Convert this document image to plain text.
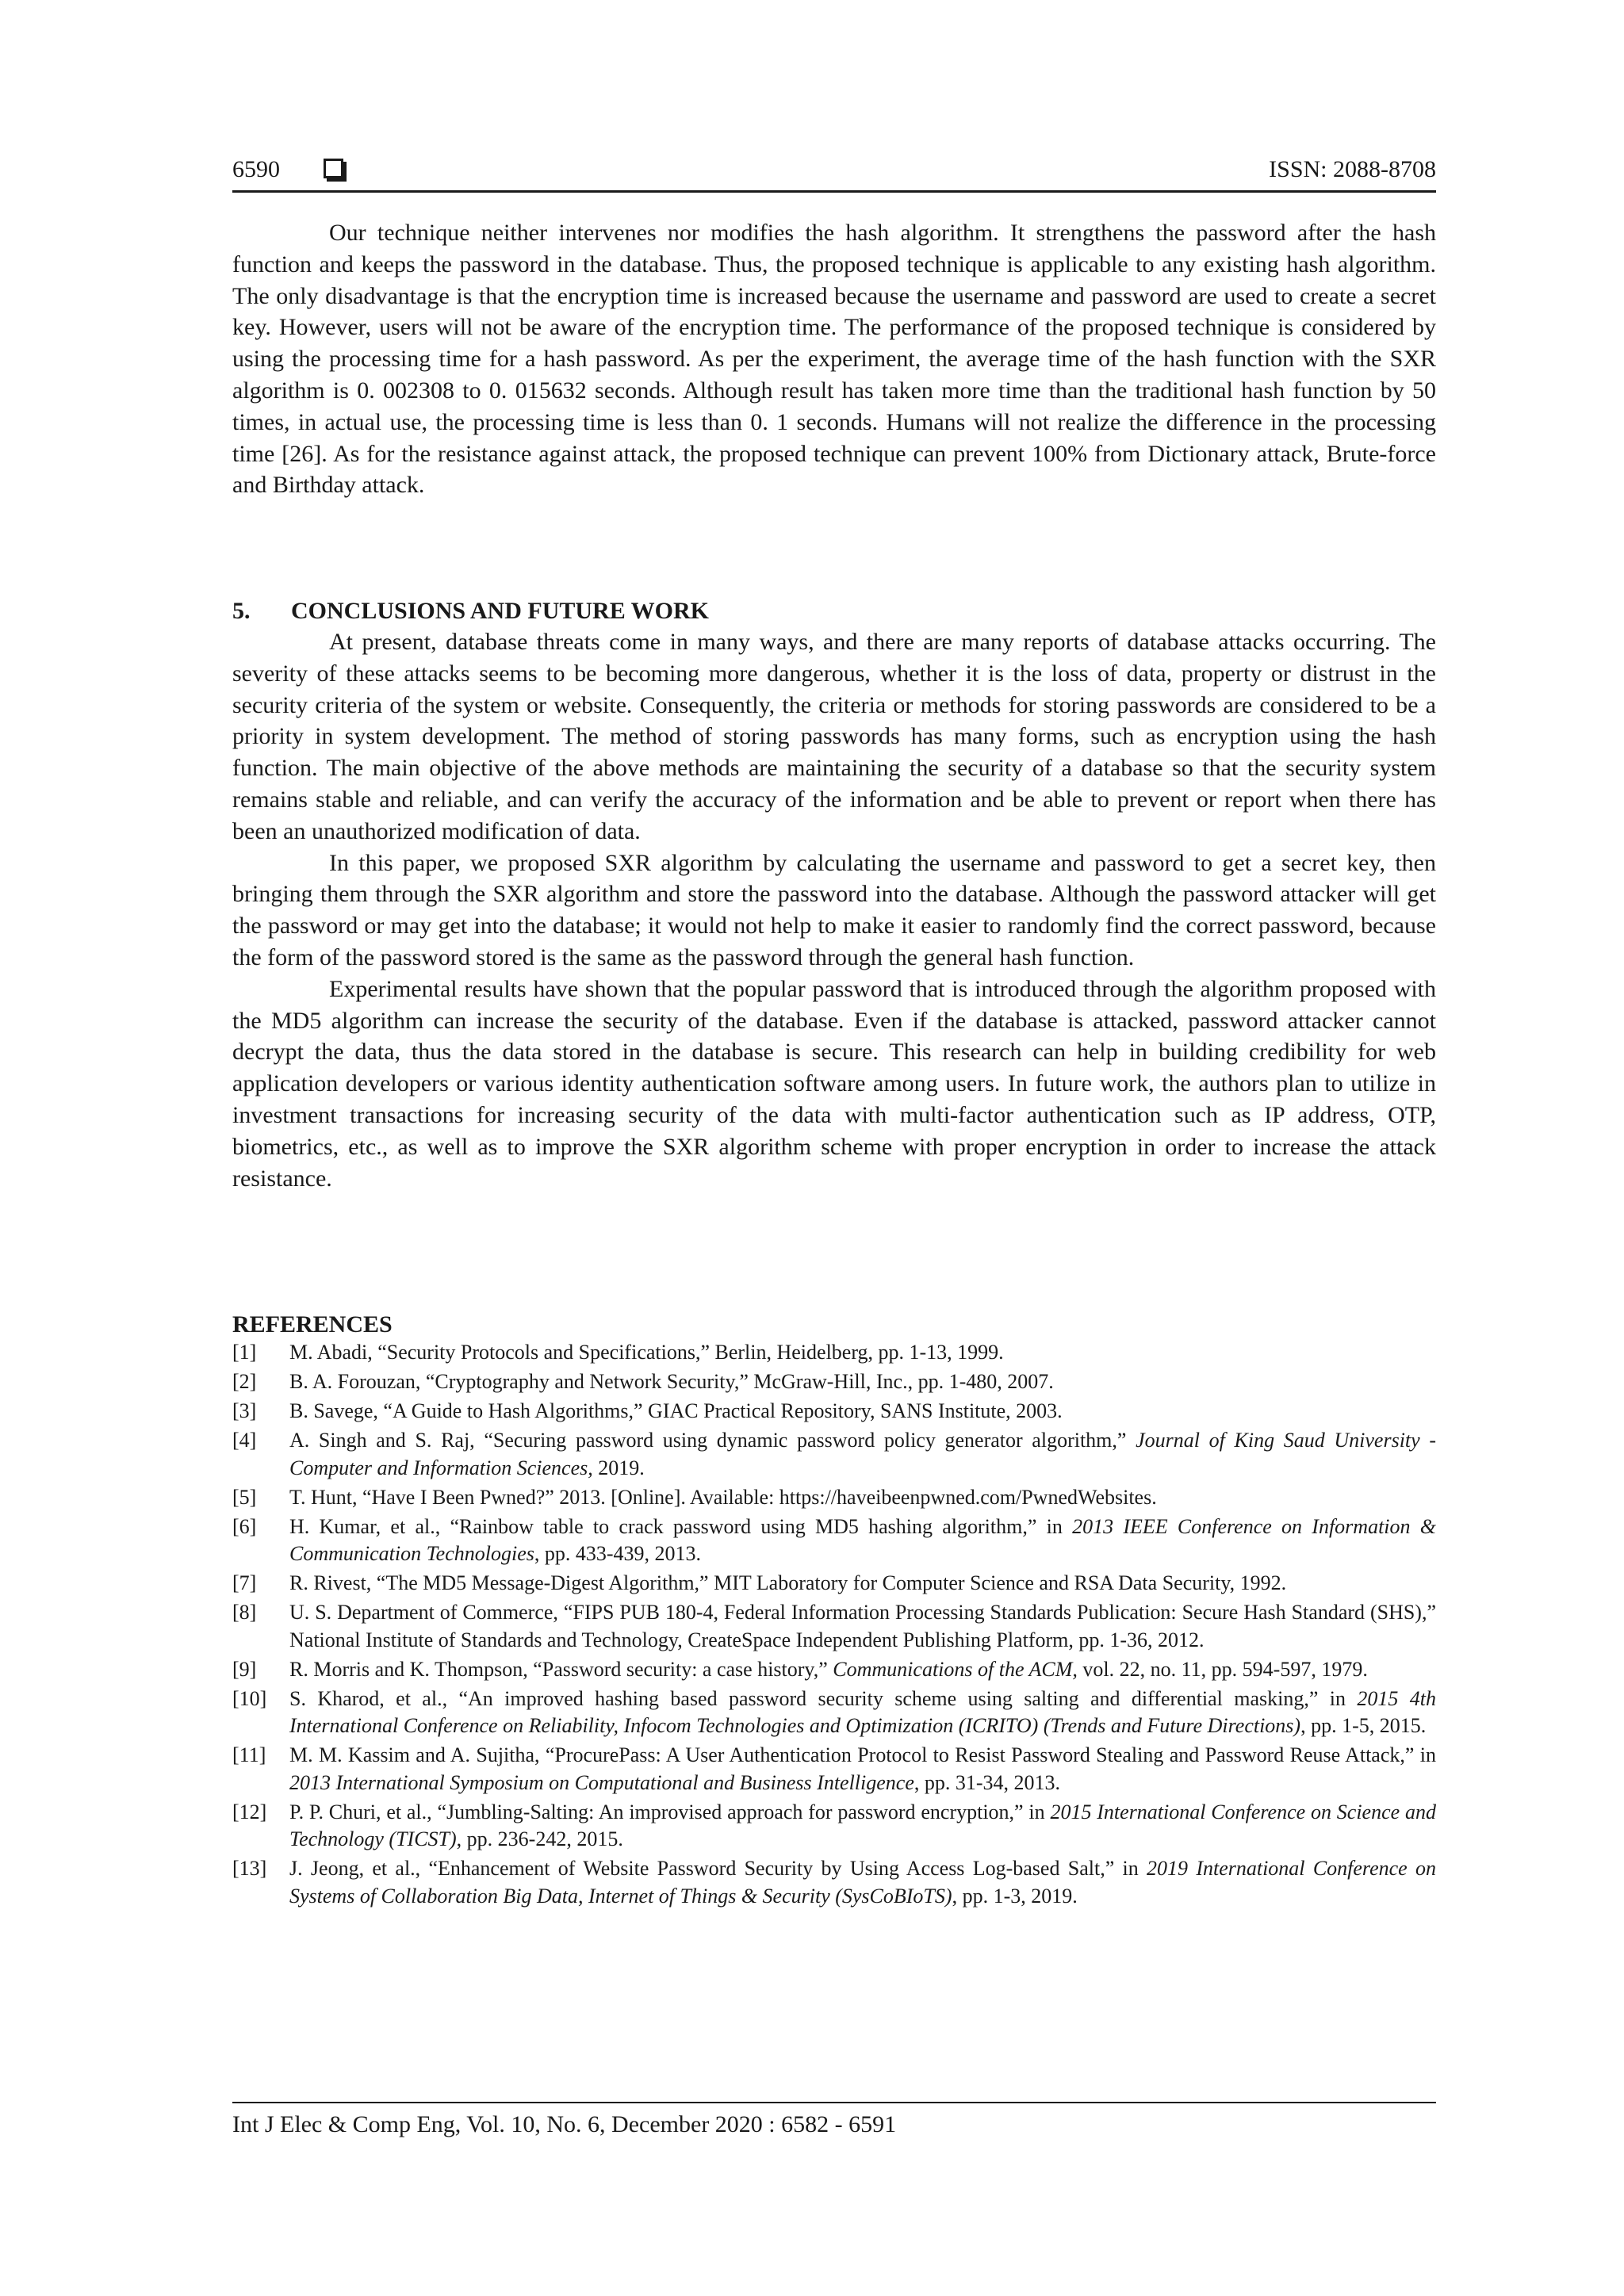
6590	ISSN: 2088-8708

Our technique neither intervenes nor modifies the hash algorithm. It strengthens the password after the hash function and keeps the password in the database. Thus, the proposed technique is applicable to any existing hash algorithm. The only disadvantage is that the encryption time is increased because the username and password are used to create a secret key. However, users will not be aware of the encryption time. The performance of the proposed technique is considered by using the processing time for a hash password. As per the experiment, the average time of the hash function with the SXR algorithm is 0. 002308 to 0. 015632 seconds. Although result has taken more time than the traditional hash function by 50 times, in actual use, the processing time is less than 0. 1 seconds. Humans will not realize the difference in the processing time [26]. As for the resistance against attack, the proposed technique can prevent 100% from Dictionary attack, Brute-force and Birthday attack.

5. CONCLUSIONS AND FUTURE WORK

At present, database threats come in many ways, and there are many reports of database attacks occurring. The severity of these attacks seems to be becoming more dangerous, whether it is the loss of data, property or distrust in the security criteria of the system or website. Consequently, the criteria or methods for storing passwords are considered to be a priority in system development. The method of storing passwords has many forms, such as encryption using the hash function. The main objective of the above methods are maintaining the security of a database so that the security system remains stable and reliable, and can verify the accuracy of the information and be able to prevent or report when there has been an unauthorized modification of data.

In this paper, we proposed SXR algorithm by calculating the username and password to get a secret key, then bringing them through the SXR algorithm and store the password into the database. Although the password attacker will get the password or may get into the database; it would not help to make it easier to randomly find the correct password, because the form of the password stored is the same as the password through the general hash function.

Experimental results have shown that the popular password that is introduced through the algorithm proposed with the MD5 algorithm can increase the security of the database. Even if the database is attacked, password attacker cannot decrypt the data, thus the data stored in the database is secure. This research can help in building credibility for web application developers or various identity authentication software among users. In future work, the authors plan to utilize in investment transactions for increasing security of the data with multi-factor authentication such as IP address, OTP, biometrics, etc., as well as to improve the SXR algorithm scheme with proper encryption in order to increase the attack resistance.

REFERENCES
[1]	M. Abadi, “Security Protocols and Specifications,” Berlin, Heidelberg, pp. 1-13, 1999.
[2]	B. A. Forouzan, “Cryptography and Network Security,” McGraw-Hill, Inc., pp. 1-480, 2007.
[3]	B. Savege, “A Guide to Hash Algorithms,” GIAC Practical Repository, SANS Institute, 2003.
[4]	A. Singh and S. Raj, “Securing password using dynamic password policy generator algorithm,” Journal of King Saud University - Computer and Information Sciences, 2019.
[5]	T. Hunt, “Have I Been Pwned?” 2013. [Online]. Available: https://haveibeenpwned.com/PwnedWebsites.
[6]	H. Kumar, et al., “Rainbow table to crack password using MD5 hashing algorithm,” in 2013 IEEE Conference on Information & Communication Technologies, pp. 433-439, 2013.
[7]	R. Rivest, “The MD5 Message-Digest Algorithm,” MIT Laboratory for Computer Science and RSA Data Security, 1992.
[8]	U. S. Department of Commerce, “FIPS PUB 180-4, Federal Information Processing Standards Publication: Secure Hash Standard (SHS),” National Institute of Standards and Technology, CreateSpace Independent Publishing Platform, pp. 1-36, 2012.
[9]	R. Morris and K. Thompson, “Password security: a case history,” Communications of the ACM, vol. 22, no. 11, pp. 594-597, 1979.
[10]	S. Kharod, et al., “An improved hashing based password security scheme using salting and differential masking,” in 2015 4th International Conference on Reliability, Infocom Technologies and Optimization (ICRITO) (Trends and Future Directions), pp. 1-5, 2015.
[11]	M. M. Kassim and A. Sujitha, “ProcurePass: A User Authentication Protocol to Resist Password Stealing and Password Reuse Attack,” in 2013 International Symposium on Computational and Business Intelligence, pp. 31-34, 2013.
[12]	P. P. Churi, et al., “Jumbling-Salting: An improvised approach for password encryption,” in 2015 International Conference on Science and Technology (TICST), pp. 236-242, 2015.
[13]	J. Jeong, et al., “Enhancement of Website Password Security by Using Access Log-based Salt,” in 2019 International Conference on Systems of Collaboration Big Data, Internet of Things & Security (SysCoBIoTS), pp. 1-3, 2019.
Int J Elec & Comp Eng, Vol. 10, No. 6, December 2020 : 6582 - 6591
